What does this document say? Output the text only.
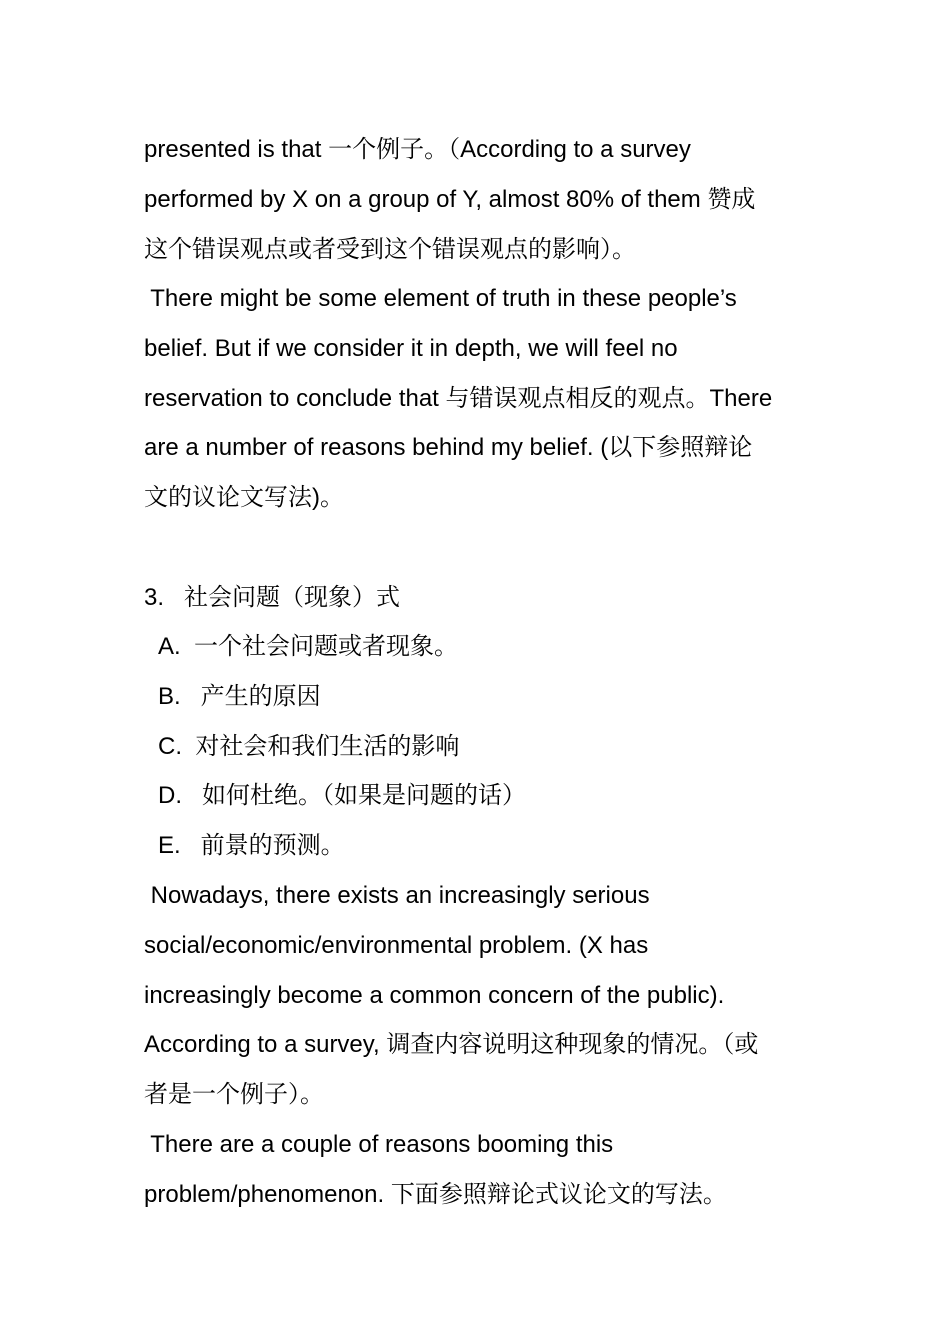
presented is that 一个例子。（According to a survey
performed by X on a group of Y, almost 80% of them 赞成
这个错误观点或者受到这个错误观点的影响）。
There might be some element of truth in these people’s
belief. But if we consider it in depth, we will feel no
reservation to conclude that 与错误观点相反的观点。There
are a number of reasons behind my belief. (以下参照辩论
文的议论文写法)。
3.   社会问题（现象）式
A.  一个社会问题或者现象。
B.   产生的原因
C.  对社会和我们生活的影响
D.   如何杜绝。（如果是问题的话）
E.   前景的预测。
Nowadays, there exists an increasingly serious
social/economic/environmental problem. (X has
increasingly become a common concern of the public).
According to a survey, 调查内容说明这种现象的情况。（或
者是一个例子）。
There are a couple of reasons booming this
problem/phenomenon. 下面参照辩论式议论文的写法。
